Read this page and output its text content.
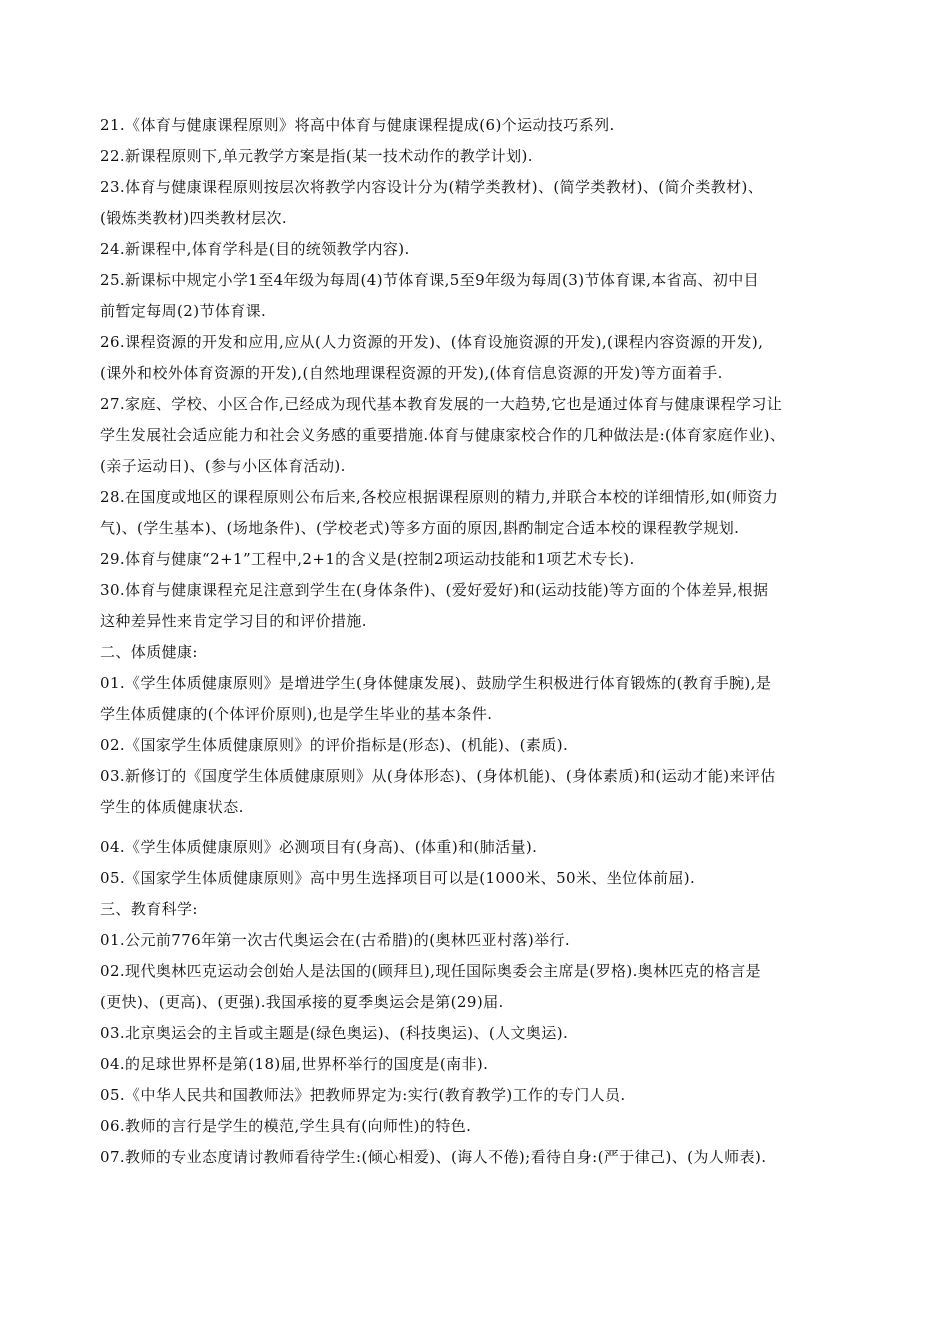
21.《体育与健康课程原则》将高中体育与健康课程提成(6)个运动技巧系列.
22.新课程原则下,单元教学方案是指(某一技术动作的教学计划).
23.体育与健康课程原则按层次将教学内容设计分为(精学类教材)、(简学类教材)、(简介类教材)、
(锻炼类教材)四类教材层次.
24.新课程中,体育学科是(目的统领教学内容).
25.新课标中规定小学1至4年级为每周(4)节体育课,5至9年级为每周(3)节体育课,本省高、初中目
前暂定每周(2)节体育课.
26.课程资源的开发和应用,应从(人力资源的开发)、(体育设施资源的开发),(课程内容资源的开发),
(课外和校外体育资源的开发),(自然地理课程资源的开发),(体育信息资源的开发)等方面着手.
27.家庭、学校、小区合作,已经成为现代基本教育发展的一大趋势,它也是通过体育与健康课程学习让
学生发展社会适应能力和社会义务感的重要措施.体育与健康家校合作的几种做法是:(体育家庭作业)、
(亲子运动日)、(参与小区体育活动).
28.在国度或地区的课程原则公布后来,各校应根据课程原则的精力,并联合本校的详细情形,如(师资力
气)、(学生基本)、(场地条件)、(学校老式)等多方面的原因,斟酌制定合适本校的课程教学规划.
29.体育与健康“2+1”工程中,2+1的含义是(控制2项运动技能和1项艺术专长).
30.体育与健康课程充足注意到学生在(身体条件)、(爱好爱好)和(运动技能)等方面的个体差异,根据
这种差异性来肯定学习目的和评价措施.
二、体质健康:
01.《学生体质健康原则》是增进学生(身体健康发展)、鼓励学生积极进行体育锻炼的(教育手腕),是
学生体质健康的(个体评价原则),也是学生毕业的基本条件.
02.《国家学生体质健康原则》的评价指标是(形态)、(机能)、(素质).
03.新修订的《国度学生体质健康原则》从(身体形态)、(身体机能)、(身体素质)和(运动才能)来评估
学生的体质健康状态.
04.《学生体质健康原则》必测项目有(身高)、(体重)和(肺活量).
05.《国家学生体质健康原则》高中男生选择项目可以是(1000米、50米、坐位体前屈).
三、教育科学:
01.公元前776年第一次古代奥运会在(古希腊)的(奥林匹亚村落)举行.
02.现代奥林匹克运动会创始人是法国的(顾拜旦),现任国际奥委会主席是(罗格).奥林匹克的格言是
(更快)、(更高)、(更强).我国承接的夏季奥运会是第(29)届.
03.北京奥运会的主旨或主题是(绿色奥运)、(科技奥运)、(人文奥运).
04.的足球世界杯是第(18)届,世界杯举行的国度是(南非).
05.《中华人民共和国教师法》把教师界定为:实行(教育教学)工作的专门人员.
06.教师的言行是学生的模范,学生具有(向师性)的特色.
07.教师的专业态度请讨教师看待学生:(倾心相爱)、(诲人不倦);看待自身:(严于律己)、(为人师表).
